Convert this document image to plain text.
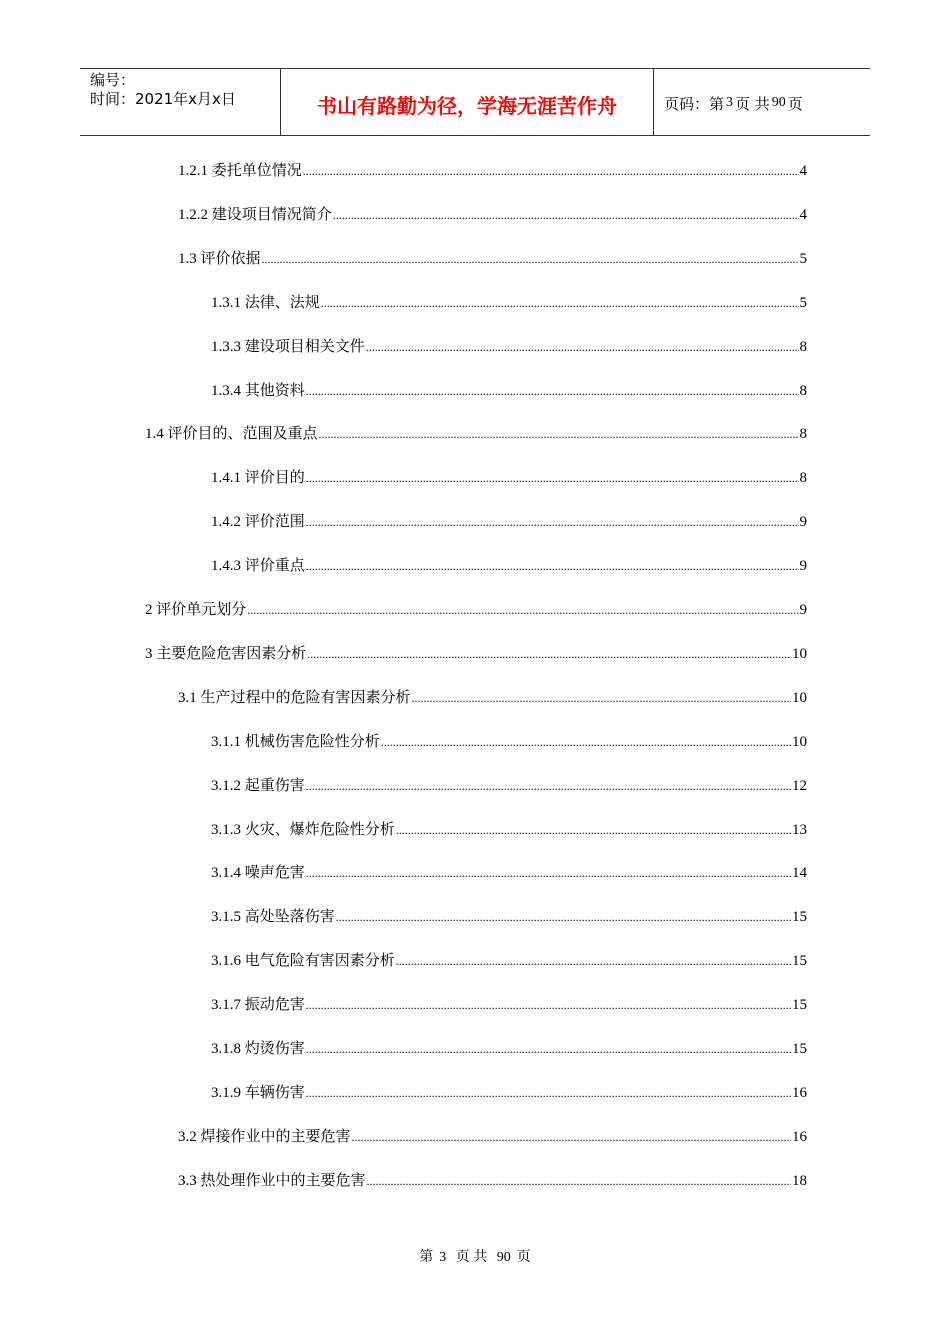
编号：
时间：2021年x月x日	书山有路勤为径，学海无涯苦作舟	页码：第 3 页 共 90 页
1.2.1 委托单位情况 .....	4
1.2.2 建设项目情况简介 .....	4
1.3 评价依据 .....	5
1.3.1 法律、法规 .....	5
1.3.3 建设项目相关文件 .....	8
1.3.4 其他资料 .....	8
1.4 评价目的、范围及重点 .....	8
1.4.1 评价目的 .....	8
1.4.2 评价范围 .....	9
1.4.3 评价重点 .....	9
2 评价单元划分 .....	9
3 主要危险危害因素分析 .....	10
3.1 生产过程中的危险有害因素分析 .....	10
3.1.1 机械伤害危险性分析 .....	10
3.1.2 起重伤害 .....	12
3.1.3 火灾、爆炸危险性分析 .....	13
3.1.4 噪声危害 .....	14
3.1.5 高处坠落伤害 .....	15
3.1.6 电气危险有害因素分析 .....	15
3.1.7 振动危害 .....	15
3.1.8 灼烫伤害 .....	15
3.1.9 车辆伤害 .....	16
3.2 焊接作业中的主要危害 .....	16
3.3 热处理作业中的主要危害 .....	18
第 3 页 共 90 页
